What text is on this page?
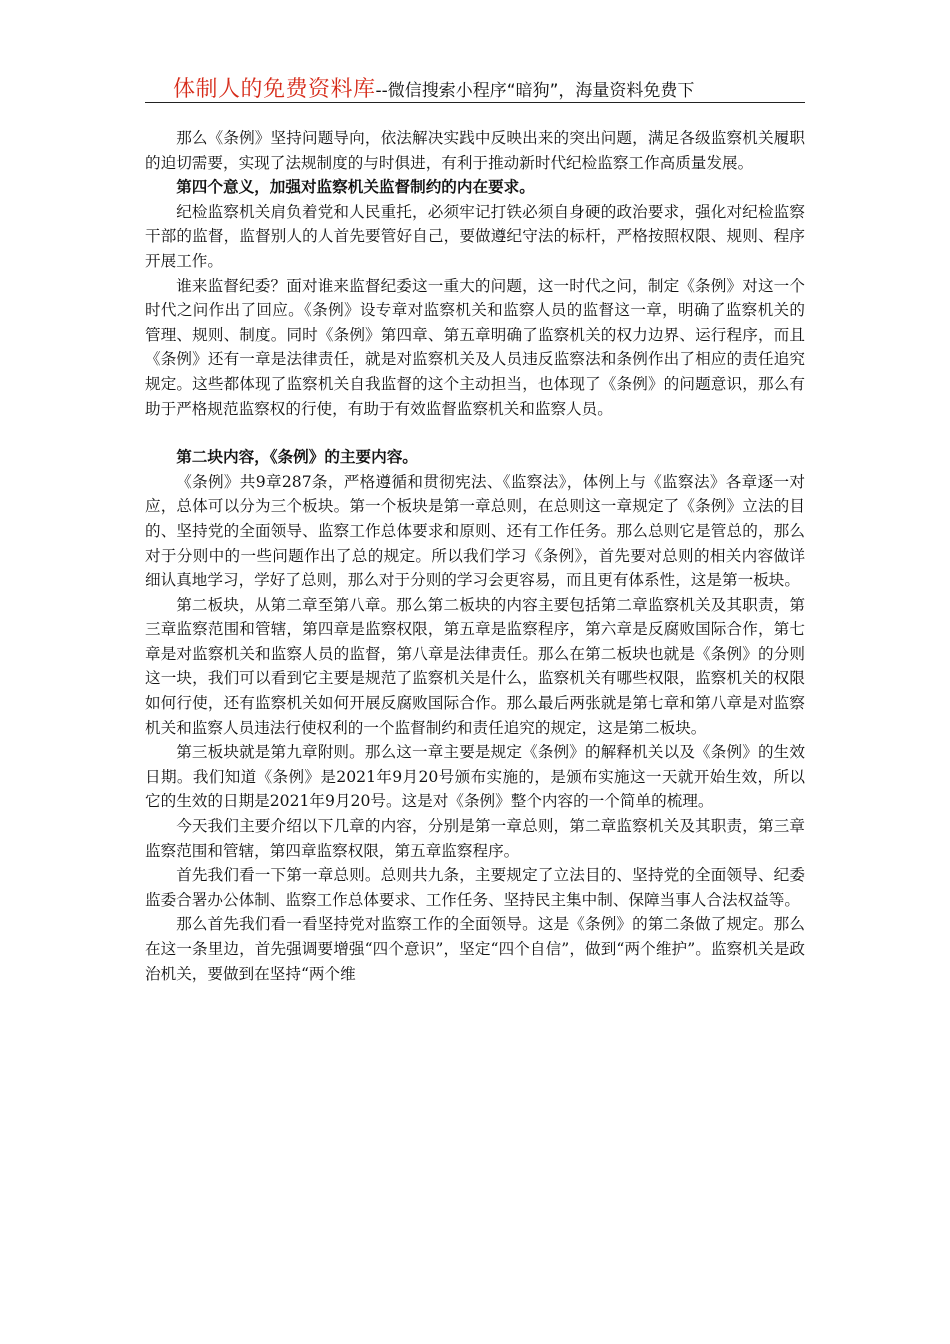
体制人的免费资料库--微信搜索小程序“暗狗”，海量资料免费下

那么《条例》坚持问题导向，依法解决实践中反映出来的突出问题，满足各级监察机关履职的迫切需要，实现了法规制度的与时俱进，有利于推动新时代纪检监察工作高质量发展。

第四个意义，加强对监察机关监督制约的内在要求。

纪检监察机关肩负着党和人民重托，必须牢记打铁必须自身硬的政治要求，强化对纪检监察干部的监督，监督别人的人首先要管好自己，要做遵纪守法的标杆，严格按照权限、规则、程序开展工作。

谁来监督纪委？面对谁来监督纪委这一重大的问题，这一时代之问，制定《条例》对这一个时代之问作出了回应。《条例》设专章对监察机关和监察人员的监督这一章，明确了监察机关的管理、规则、制度。同时《条例》第四章、第五章明确了监察机关的权力边界、运行程序，而且《条例》还有一章是法律责任，就是对监察机关及人员违反监察法和条例作出了相应的责任追究规定。这些都体现了监察机关自我监督的这个主动担当，也体现了《条例》的问题意识，那么有助于严格规范监察权的行使，有助于有效监督监察机关和监察人员。

第二块内容，《条例》的主要内容。

《条例》共9章287条，严格遵循和贯彻宪法、《监察法》，体例上与《监察法》各章逐一对应，总体可以分为三个板块。第一个板块是第一章总则，在总则这一章规定了《条例》立法的目的、坚持党的全面领导、监察工作总体要求和原则、还有工作任务。那么总则它是管总的，那么对于分则中的一些问题作出了总的规定。所以我们学习《条例》，首先要对总则的相关内容做详细认真地学习，学好了总则，那么对于分则的学习会更容易，而且更有体系性，这是第一板块。

第二板块，从第二章至第八章。那么第二板块的内容主要包括第二章监察机关及其职责，第三章监察范围和管辖，第四章是监察权限，第五章是监察程序，第六章是反腐败国际合作，第七章是对监察机关和监察人员的监督，第八章是法律责任。那么在第二板块也就是《条例》的分则这一块，我们可以看到它主要是规范了监察机关是什么，监察机关有哪些权限，监察机关的权限如何行使，还有监察机关如何开展反腐败国际合作。那么最后两张就是第七章和第八章是对监察机关和监察人员违法行使权利的一个监督制约和责任追究的规定，这是第二板块。

第三板块就是第九章附则。那么这一章主要是规定《条例》的解释机关以及《条例》的生效日期。我们知道《条例》是2021年9月20号颁布实施的，是颁布实施这一天就开始生效，所以它的生效的日期是2021年9月20号。这是对《条例》整个内容的一个简单的梳理。

今天我们主要介绍以下几章的内容，分别是第一章总则，第二章监察机关及其职责，第三章监察范围和管辖，第四章监察权限，第五章监察程序。

首先我们看一下第一章总则。总则共九条，主要规定了立法目的、坚持党的全面领导、纪委监委合署办公体制、监察工作总体要求、工作任务、坚持民主集中制、保障当事人合法权益等。

那么首先我们看一看坚持党对监察工作的全面领导。这是《条例》的第二条做了规定。那么在这一条里边，首先强调要增强“四个意识”，坚定“四个自信”，做到“两个维护”。监察机关是政治机关，要做到在坚持“两个维
